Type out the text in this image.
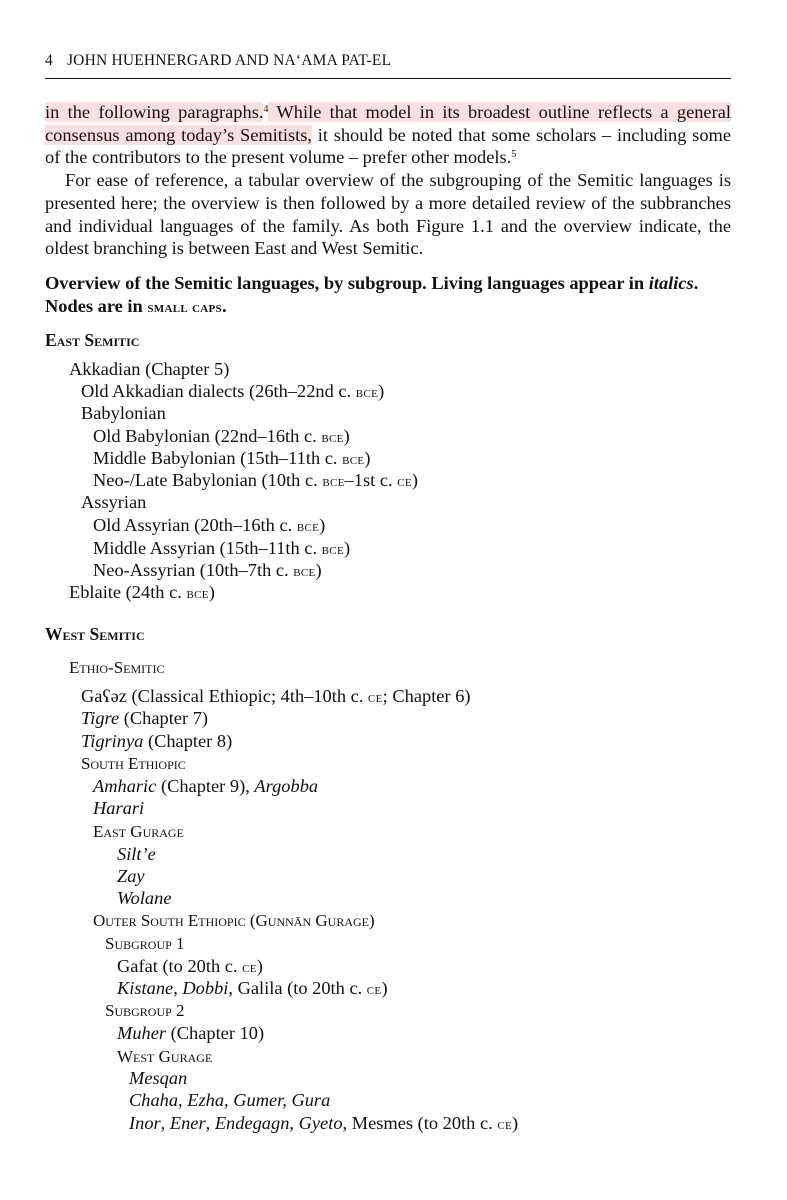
4 JOHN HUEHNERGARD AND NA‘AMA PAT-EL

in the following paragraphs.$^4$ While that model in its broadest outline reflects a general consensus among today’s Semitists, it should be noted that some scholars – including some of the contributors to the present volume – prefer other models.$^5$

For ease of reference, a tabular overview of the subgrouping of the Semitic languages is presented here; the overview is then followed by a more detailed review of the subbranches and individual languages of the family. As both Figure 1.1 and the overview indicate, the oldest branching is between East and West Semitic.

Overview of the Semitic languages, by subgroup. Living languages appear in italics. Nodes are in small caps.
East Semitic
Akkadian (Chapter 5)
Old Akkadian dialects (26th–22nd c. bce)
Babylonian
Old Babylonian (22nd–16th c. bce)
Middle Babylonian (15th–11th c. bce)
Neo-/Late Babylonian (10th c. bce–1st c. ce)
Assyrian
Old Assyrian (20th–16th c. bce)
Middle Assyrian (15th–11th c. bce)
Neo-Assyrian (10th–7th c. bce)
Eblaite (24th c. bce)
West Semitic
Ethio-Semitic
Gaʕəz (Classical Ethiopic; 4th–10th c. ce; Chapter 6)
Tigre (Chapter 7)
Tigrinya (Chapter 8)
South Ethiopic
Amharic (Chapter 9), Argobba
Harari
East Gurage
Silt’e
Zay
Wolane
Outer South Ethiopic (Gunnān Gurage)
Subgroup 1
Gafat (to 20th c. ce)
Kistane, Dobbi, Galila (to 20th c. ce)
Subgroup 2
Muher (Chapter 10)
West Gurage
Mesqan
Chaha, Ezha, Gumer, Gura
Inor, Ener, Endegagn, Gyeto, Mesmes (to 20th c. ce)
